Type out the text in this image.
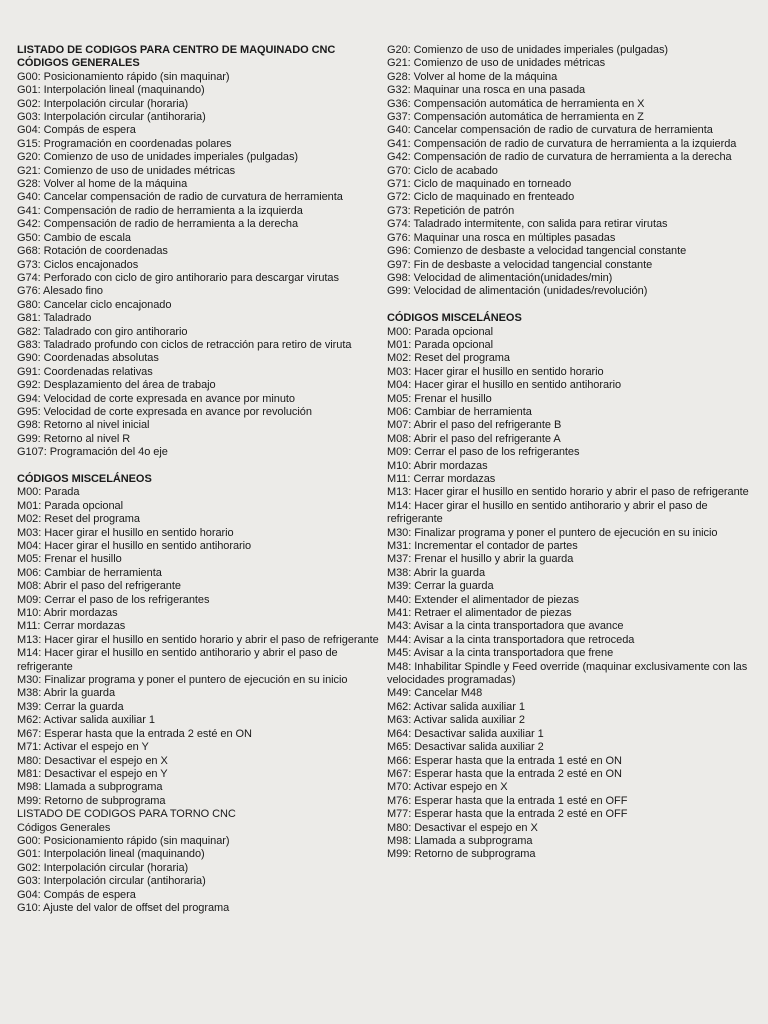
LISTADO DE CODIGOS PARA CENTRO DE MAQUINADO CNC
CÓDIGOS GENERALES
G00: Posicionamiento rápido (sin maquinar)
G01: Interpolación lineal (maquinando)
G02: Interpolación circular (horaria)
G03: Interpolación circular (antihoraria)
G04: Compás de espera
G15: Programación en coordenadas polares
G20: Comienzo de uso de unidades imperiales (pulgadas)
G21: Comienzo de uso de unidades métricas
G28: Volver al home de la máquina
G40: Cancelar compensación de radio de curvatura de herramienta
G41: Compensación de radio de herramienta a la izquierda
G42: Compensación de radio de herramienta a la derecha
G50: Cambio de escala
G68: Rotación de coordenadas
G73: Ciclos encajonados
G74: Perforado con ciclo de giro antihorario para descargar virutas
G76: Alesado fino
G80: Cancelar ciclo encajonado
G81: Taladrado
G82: Taladrado con giro antihorario
G83: Taladrado profundo con ciclos de retracción para retiro de viruta
G90: Coordenadas absolutas
G91: Coordenadas relativas
G92: Desplazamiento del área de trabajo
G94: Velocidad de corte expresada en avance por minuto
G95: Velocidad de corte expresada en avance por revolución
G98: Retorno al nivel inicial
G99: Retorno al nivel R
G107: Programación del 4o eje
CÓDIGOS MISCELÁNEOS
M00: Parada
M01: Parada opcional
M02: Reset del programa
M03: Hacer girar el husillo en sentido horario
M04: Hacer girar el husillo en sentido antihorario
M05: Frenar el husillo
M06: Cambiar de herramienta
M08: Abrir el paso del refrigerante
M09: Cerrar el paso de los refrigerantes
M10: Abrir mordazas
M11: Cerrar mordazas
M13: Hacer girar el husillo en sentido horario y abrir el paso de refrigerante
M14: Hacer girar el husillo en sentido antihorario y abrir el paso de refrigerante
M30: Finalizar programa y poner el puntero de ejecución en su inicio
M38: Abrir la guarda
M39: Cerrar la guarda
M62: Activar salida auxiliar 1
M67: Esperar hasta que la entrada 2 esté en ON
M71: Activar el espejo en Y
M80: Desactivar el espejo en X
M81: Desactivar el espejo en Y
M98: Llamada a subprograma
M99: Retorno de subprograma
LISTADO DE CODIGOS PARA TORNO CNC
Códigos Generales
G00: Posicionamiento rápido (sin maquinar)
G01: Interpolación lineal (maquinando)
G02: Interpolación circular (horaria)
G03: Interpolación circular (antihoraria)
G04: Compás de espera
G10: Ajuste del valor de offset del programa
G20: Comienzo de uso de unidades imperiales (pulgadas)
G21: Comienzo de uso de unidades métricas
G28: Volver al home de la máquina
G32: Maquinar una rosca en una pasada
G36: Compensación automática de herramienta en X
G37: Compensación automática de herramienta en Z
G40: Cancelar compensación de radio de curvatura de herramienta
G41: Compensación de radio de curvatura de herramienta a la izquierda
G42: Compensación de radio de curvatura de herramienta a la derecha
G70: Ciclo de acabado
G71: Ciclo de maquinado en torneado
G72: Ciclo de maquinado en frenteado
G73: Repetición de patrón
G74: Taladrado intermitente, con salida para retirar virutas
G76: Maquinar una rosca en múltiples pasadas
G96: Comienzo de desbaste a velocidad tangencial constante
G97: Fin de desbaste a velocidad tangencial constante
G98: Velocidad de alimentación(unidades/min)
G99: Velocidad de alimentación (unidades/revolución)
CÓDIGOS MISCELÁNEOS
M00: Parada opcional
M01: Parada opcional
M02: Reset del programa
M03: Hacer girar el husillo en sentido horario
M04: Hacer girar el husillo en sentido antihorario
M05: Frenar el husillo
M06: Cambiar de herramienta
M07: Abrir el paso del refrigerante B
M08: Abrir el paso del refrigerante A
M09: Cerrar el paso de los refrigerantes
M10: Abrir mordazas
M11: Cerrar mordazas
M13: Hacer girar el husillo en sentido horario y abrir el paso de refrigerante
M14: Hacer girar el husillo en sentido antihorario y abrir el paso de refrigerante
M30: Finalizar programa y poner el puntero de ejecución en su inicio
M31: Incrementar el contador de partes
M37: Frenar el husillo y abrir la guarda
M38: Abrir la guarda
M39: Cerrar la guarda
M40: Extender el alimentador de piezas
M41: Retraer el alimentador de piezas
M43: Avisar a la cinta transportadora que avance
M44: Avisar a la cinta transportadora que retroceda
M45: Avisar a la cinta transportadora que frene
M48: Inhabilitar Spindle y Feed override (maquinar exclusivamente con las velocidades programadas)
M49: Cancelar M48
M62: Activar salida auxiliar 1
M63: Activar salida auxiliar 2
M64: Desactivar salida auxiliar 1
M65: Desactivar salida auxiliar 2
M66: Esperar hasta que la entrada 1 esté en ON
M67: Esperar hasta que la entrada 2 esté en ON
M70: Activar espejo en X
M76: Esperar hasta que la entrada 1 esté en OFF
M77: Esperar hasta que la entrada 2 esté en OFF
M80: Desactivar el espejo en X
M98: Llamada a subprograma
M99: Retorno de subprograma
